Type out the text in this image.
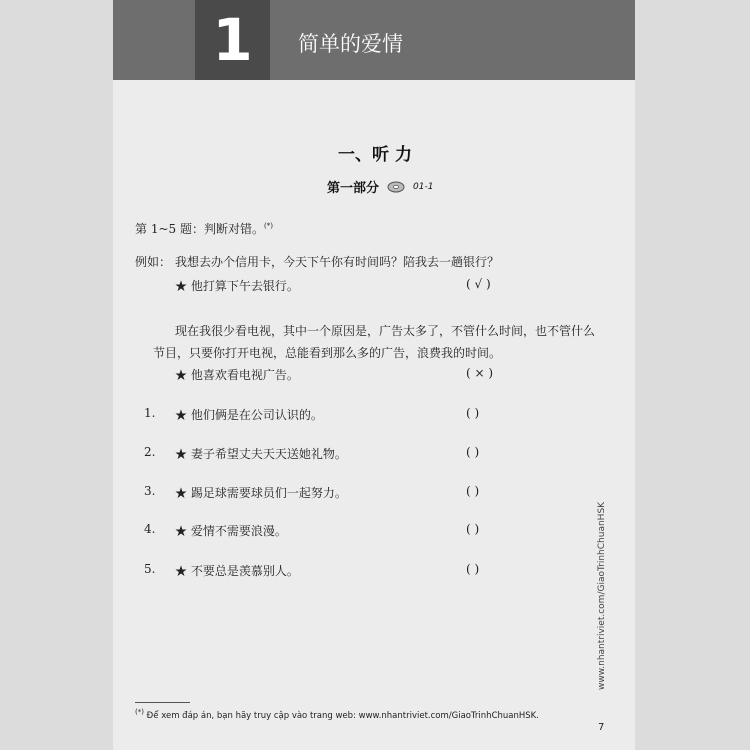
1	简单的爱情
一、听 力
第一部分	01-1
第 1~5 题：判断对错。(*)
例如： 我想去办个信用卡，今天下午你有时间吗？陪我去一趟银行？
★ 他打算下午去银行。	( √ )
现在我很少看电视，其中一个原因是，广告太多了，不管什么时间，也不管什么
节目，只要你打开电视，总能看到那么多的广告，浪费我的时间。
★ 他喜欢看电视广告。	( × )
1. ★ 他们俩是在公司认识的。	( )
2. ★ 妻子希望丈夫天天送她礼物。	( )
3. ★ 踢足球需要球员们一起努力。	( )
4. ★ 爱情不需要浪漫。	( )
5. ★ 不要总是羡慕别人。	( )
(*) Để xem đáp án, bạn hãy truy cập vào trang web: www.nhantriviet.com/GiaoTrinhChuanHSK.
www.nhantriviet.com/GiaoTrinhChuanHSK
7
